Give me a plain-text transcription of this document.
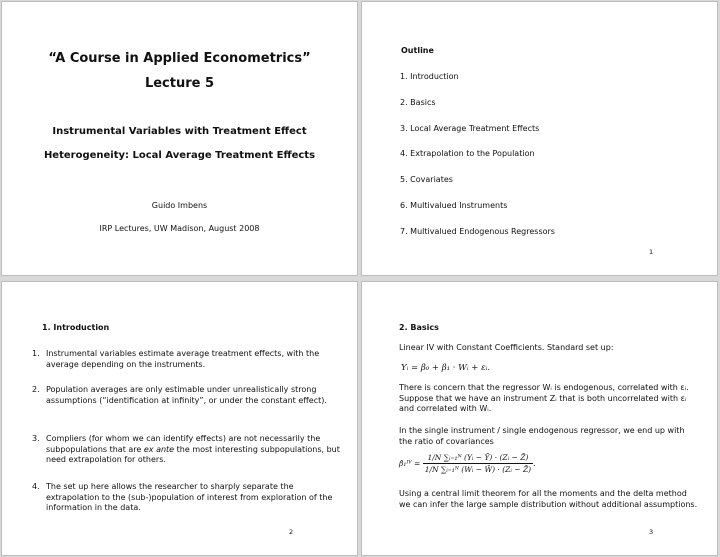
“A Course in Applied Econometrics”
Lecture 5
Instrumental Variables with Treatment Effect
Heterogeneity: Local Average Treatment Effects
Guido Imbens
IRP Lectures, UW Madison, August 2008
Outline
1. Introduction
2. Basics
3. Local Average Treatment Effects
4. Extrapolation to the Population
5. Covariates
6. Multivalued Instruments
7. Multivalued Endogenous Regressors
1
1. Introduction
1. Instrumental variables estimate average treatment effects, with the average depending on the instruments.
2. Population averages are only estimable under unrealistically strong assumptions (“identification at infinity”, or under the constant effect).
3. Compliers (for whom we can identify effects) are not necessarily the subpopulations that are ex ante the most interesting subpopulations, but need extrapolation for others.
4. The set up here allows the researcher to sharply separate the extrapolation to the (sub-)population of interest from exploration of the information in the data.
2
2. Basics
Linear IV with Constant Coefficients. Standard set up:
Yᵢ = β₀ + β₁ · Wᵢ + εᵢ.
There is concern that the regressor Wᵢ is endogenous, correlated with εᵢ. Suppose that we have an instrument Zᵢ that is both uncorrelated with εᵢ and correlated with Wᵢ.
In the single instrument / single endogenous regressor, we end up with the ratio of covariances
β̂₁ᴵⱽ = $\frac{\text{1/N ∑ᵢ₌₁ᴺ (Yᵢ − Ȳ) · (Zᵢ − Z̄)}}{\text{1/N ∑ᵢ₌₁ᴺ (Wᵢ − W̄) · (Zᵢ − Z̄)}}$ .
Using a central limit theorem for all the moments and the delta method we can infer the large sample distribution without additional assumptions.
3
